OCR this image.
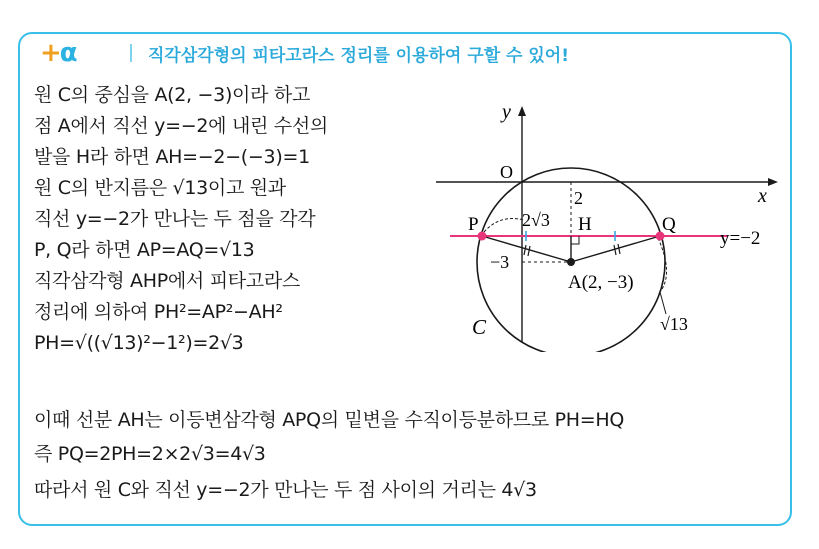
+α	직각삼각형의 피타고라스 정리를 이용하여 구할 수 있어!
원 C의 중심을 A(2, −3)이라 하고
점 A에서 직선 y=−2에 내린 수선의
발을 H라 하면 AH=−2−(−3)=1
원 C의 반지름은 √13이고 원과
직선 y=−2가 만나는 두 점을 각각
P, Q라 하면 AP=AQ=√13
직각삼각형 AHP에서 피타고라스
정리에 의하여 PH²=AP²−AH²
PH=√((√13)²−1²)=2√3
이때 선분 AH는 이등변삼각형 APQ의 밑변을 수직이등분하므로 PH=HQ
즉 PQ=2PH=2×2√3=4√3
따라서 원 C와 직선 y=−2가 만나는 두 점 사이의 거리는 4√3
x
y
O
P	Q
H
A(2, −3)
C
y=−2
2
−3
2√3
√13
